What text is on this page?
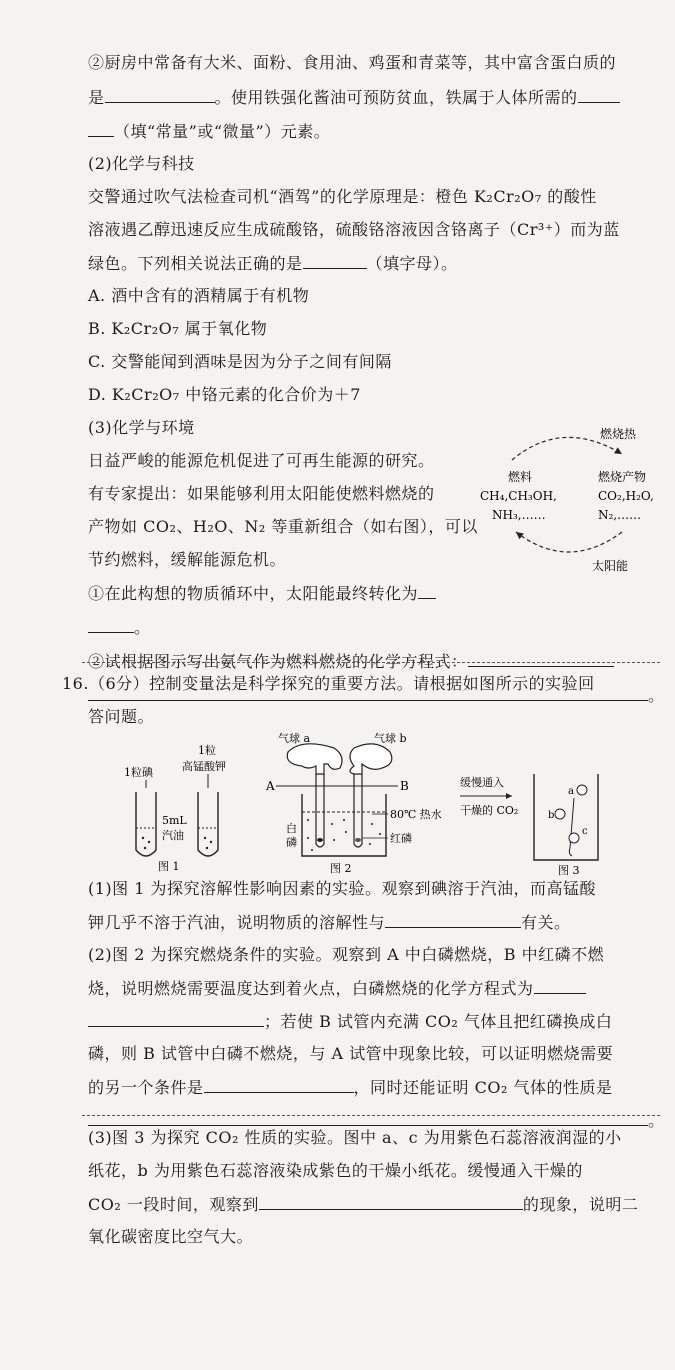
②厨房中常备有大米、面粉、食用油、鸡蛋和青菜等，其中富含蛋白质的
是	。使用铁强化酱油可预防贫血，铁属于人体所需的
（填“常量”或“微量”）元素。
(2)化学与科技
交警通过吹气法检查司机“酒驾”的化学原理是：橙色 K₂Cr₂O₇ 的酸性
溶液遇乙醇迅速反应生成硫酸铬，硫酸铬溶液因含铬离子（Cr³⁺）而为蓝
绿色。下列相关说法正确的是	（填字母）。
A. 酒中含有的酒精属于有机物
B. K₂Cr₂O₇ 属于氧化物
C. 交警能闻到酒味是因为分子之间有间隔
D. K₂Cr₂O₇ 中铬元素的化合价为＋7
(3)化学与环境
日益严峻的能源危机促进了可再生能源的研究。
有专家提出：如果能够利用太阳能使燃料燃烧的
产物如 CO₂、H₂O、N₂ 等重新组合（如右图），可以
节约燃料，缓解能源危机。
①在此构想的物质循环中，太阳能最终转化为
。
②试根据图示写出氨气作为燃料燃烧的化学方程式：
。
燃烧热
燃料
CH₄,CH₃OH,
NH₃,……
燃烧产物
CO₂,H₂O,
N₂,……
太阳能
16.（6分）控制变量法是科学探究的重要方法。请根据如图所示的实验回
答问题。
1粒碘
1粒
高锰酸钾
5mL
汽油
图 1
气球 a	气球 b
A	B
80℃ 热水
白
磷	红磷
图 2
缓慢通入
干燥的 CO₂
a
b
c
图 3
(1)图 1 为探究溶解性影响因素的实验。观察到碘溶于汽油，而高锰酸
钾几乎不溶于汽油，说明物质的溶解性与	有关。
(2)图 2 为探究燃烧条件的实验。观察到 A 中白磷燃烧，B 中红磷不燃
烧，说明燃烧需要温度达到着火点，白磷燃烧的化学方程式为
；若使 B 试管内充满 CO₂ 气体且把红磷换成白
磷，则 B 试管中白磷不燃烧，与 A 试管中现象比较，可以证明燃烧需要
的另一个条件是	，同时还能证明 CO₂ 气体的性质是
。
(3)图 3 为探究 CO₂ 性质的实验。图中 a、c 为用紫色石蕊溶液润湿的小
纸花，b 为用紫色石蕊溶液染成紫色的干燥小纸花。缓慢通入干燥的
CO₂ 一段时间，观察到	的现象，说明二
氧化碳密度比空气大。
